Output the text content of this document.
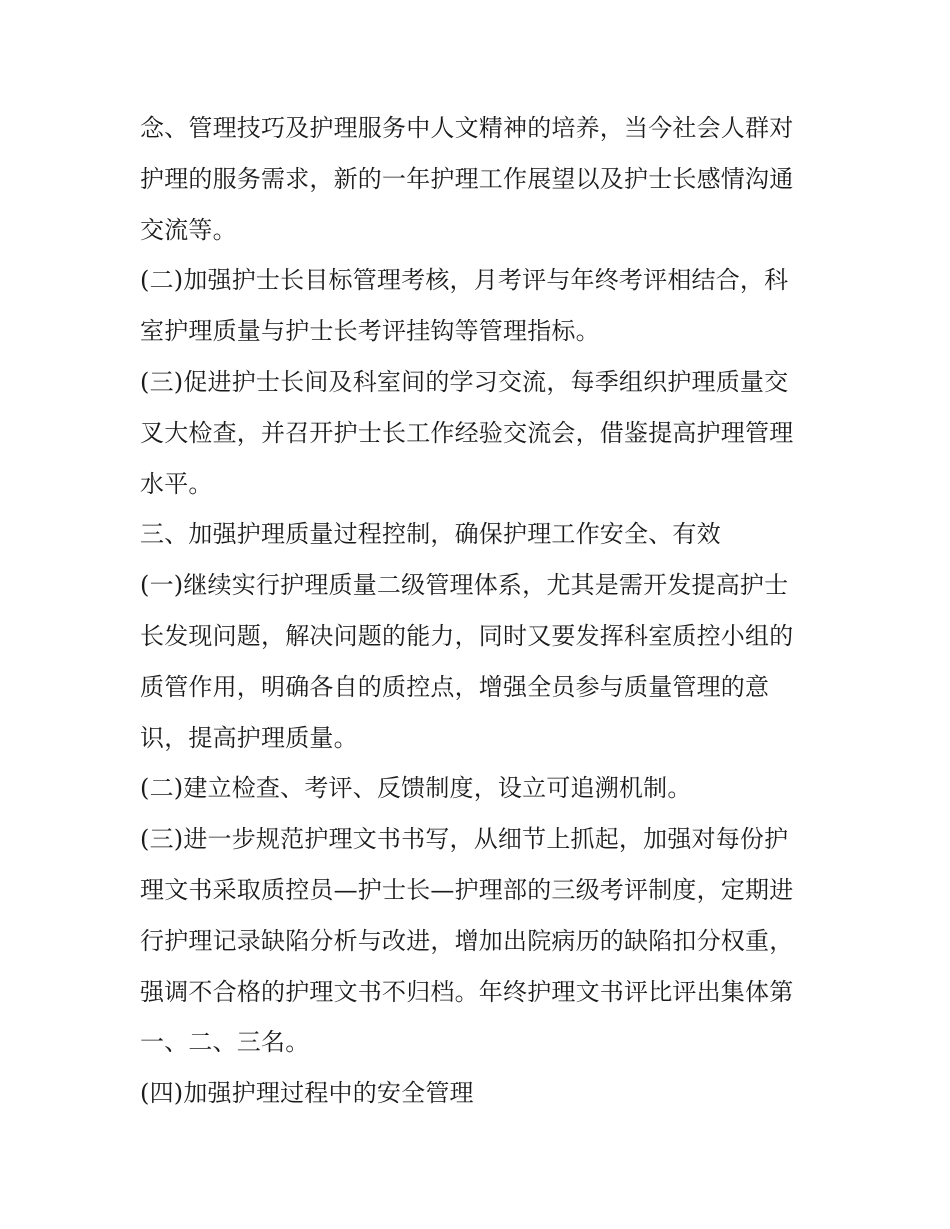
念、管理技巧及护理服务中人文精神的培养，当今社会人群对
护理的服务需求，新的一年护理工作展望以及护士长感情沟通
交流等。
(二)加强护士长目标管理考核，月考评与年终考评相结合，科
室护理质量与护士长考评挂钩等管理指标。
(三)促进护士长间及科室间的学习交流，每季组织护理质量交
叉大检查，并召开护士长工作经验交流会，借鉴提高护理管理
水平。
三、加强护理质量过程控制，确保护理工作安全、有效
(一)继续实行护理质量二级管理体系，尤其是需开发提高护士
长发现问题，解决问题的能力，同时又要发挥科室质控小组的
质管作用，明确各自的质控点，增强全员参与质量管理的意
识，提高护理质量。
(二)建立检查、考评、反馈制度，设立可追溯机制。
(三)进一步规范护理文书书写，从细节上抓起，加强对每份护
理文书采取质控员—护士长—护理部的三级考评制度，定期进
行护理记录缺陷分析与改进，增加出院病历的缺陷扣分权重，
强调不合格的护理文书不归档。年终护理文书评比评出集体第
一、二、三名。
(四)加强护理过程中的安全管理
